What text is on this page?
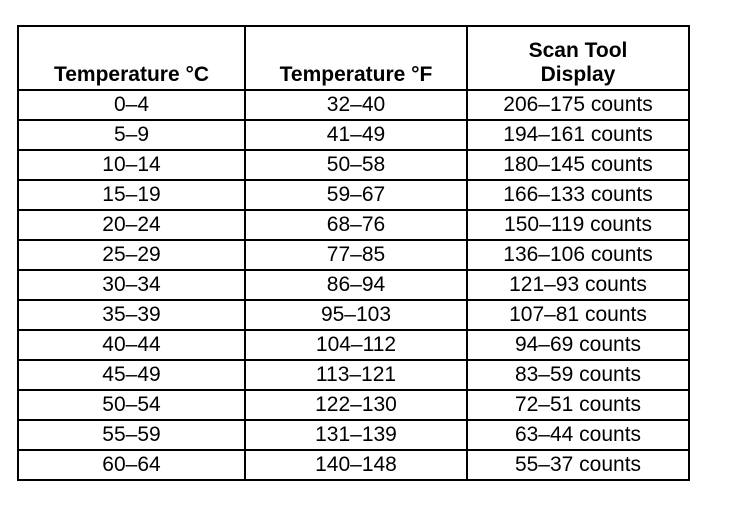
Temperature °C	Temperature °F	Scan Tool
Display
0–4	32–40	206–175 counts
5–9	41–49	194–161 counts
10–14	50–58	180–145 counts
15–19	59–67	166–133 counts
20–24	68–76	150–119 counts
25–29	77–85	136–106 counts
30–34	86–94	121–93 counts
35–39	95–103	107–81 counts
40–44	104–112	94–69 counts
45–49	113–121	83–59 counts
50–54	122–130	72–51 counts
55–59	131–139	63–44 counts
60–64	140–148	55–37 counts
